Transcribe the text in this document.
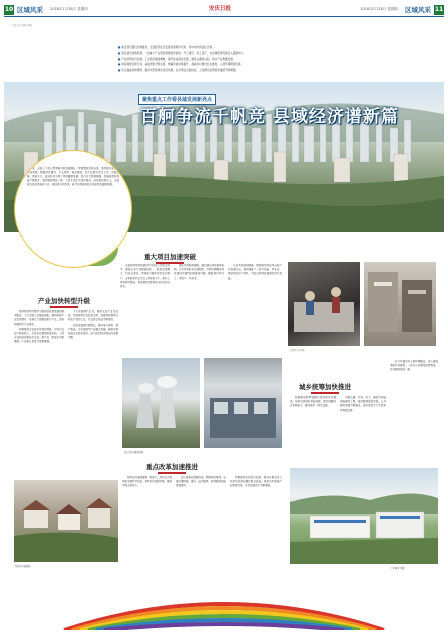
10 区域风采 2018年1月18日 星期四	安庆日报	2018年1月18日 星期四 区域风采 11
本版责任编辑 编辑

■ 重点项目建设加速推进，全县经济社会发展呈现稳中有进、进中向好的良好态势。

■ 项目建设成效显著，一批重大产业项目相继签约落地、开工建设、竣工投产，为县域经济发展注入强劲动力。

■ 产业转型步伐加快，工业经济提质增效，现代农业稳步发展，服务业蓬勃兴起，新兴产业集聚发展。

■ 城乡面貌日新月异，基础设施不断完善，城镇功能持续提升，美丽乡村建设扎实推进，人居环境明显改善。

■ 民生福祉持续增进，脱贫攻坚取得决定性进展，社会事业全面进步，人民群众获得感幸福感不断增强。

聚焦重点工作看县域发展新亮点
百舸争流千帆竞 县域经济谱新篇

近年来，全县上下深入贯彻落实新发展理念，紧紧围绕目标任务，坚持稳中求进工作总基调，聚焦项目建设、产业转型、城乡建设、民生改善等重点工作，攻坚克难，真抓实干，县域经济实现了持续健康发展，综合实力显著增强，发展质量和效益不断提升，城乡面貌焕然一新，人民生活水平稳步提高。站在新的起点上，全县将以更加昂扬的斗志、更加务实的作风，奋力开创县域经济高质量发展新局面。

重大项目加速突破

全县坚持把项目建设作为经济工作的主抓手，围绕主导产业精准招商，一批投资规模大、科技含量高、带动能力强的项目成功落户。全年新签约亿元以上项目数十个，新开工项目持续增加，项目建设呈现量质齐升的良好势头。

强化项目服务保障，建立健全项目推进机制，实行领导联系包保制度，及时协调解决项目建设中遇到的困难和问题，确保项目早开工、早投产、早见效。

注重项目谋划储备，围绕国家政策导向和产业发展方向，谋划储备了一批打基础、利长远、增后劲的重大项目，为经济持续发展奠定坚实基础。

企业生产车间
产业加快转型升级

坚持把转型升级作为推动高质量发展的根本路径，大力实施工业强县战略，推动传统产业改造提升，培育壮大战略性新兴产业，加快构建现代产业体系。

积极推进企业技术改造和创新，引导企业加大研发投入，支持企业建设研发机构，一批企业获批高新技术企业，新产品、新技术不断涌现，产业核心竞争力显著增强。

大力发展现代农业，推进农业产业化经营，培育新型农业经营主体，发展特色种养业和农产品加工业，农业综合效益不断提高。

加快发展现代服务业，推动电子商务、现代物流、文化旅游等产业融合发展，服务业增加值占比稳步提升，成为拉动经济增长的重要引擎。

重点项目建设现场
城乡统筹加快推进

统筹推进新型城镇化和美丽乡村建设，加快完善城乡基础设施，提升城镇综合承载能力，推动城乡一体化发展。

实施交通、水利、电力、通信等基础设施建设工程，城乡路网更加完善，公共服务设施不断健全，城乡居民生产生活条件明显改善。

扎实开展农村人居环境整治，深入推进美丽乡村建设，一批中心村建设成效明显，乡村面貌焕然一新。

重点改革加速推进

坚持以改革破难题、增活力，深化重点领域和关键环节改革，持续优化营商环境，激发市场主体活力。

深入推进放管服改革，精简审批事项，压缩办理时限，推行一站式服务，政务服务效能显著提升。

积极推进农村综合改革，稳步开展农村土地承包经营权确权登记颁证，探索农村集体产权制度改革，农村发展活力不断增强。

美丽乡村新面貌
工业园区鸟瞰
